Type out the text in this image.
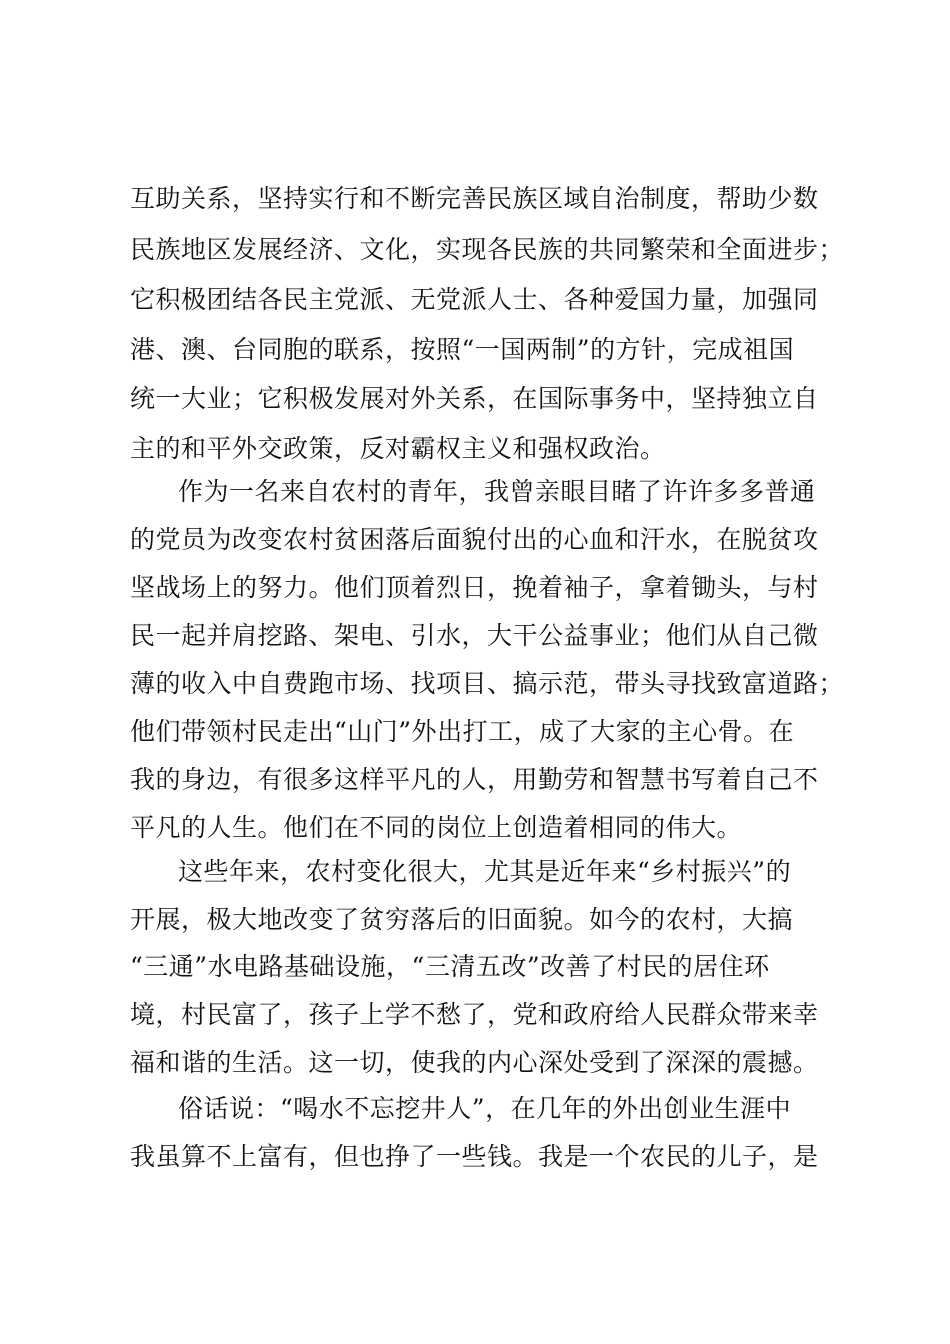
互助关系，坚持实行和不断完善民族区域自治制度，帮助少数
民族地区发展经济、文化，实现各民族的共同繁荣和全面进步；
它积极团结各民主党派、无党派人士、各种爱国力量，加强同
港、澳、台同胞的联系，按照“一国两制”的方针，完成祖国
统一大业；它积极发展对外关系，在国际事务中，坚持独立自
主的和平外交政策，反对霸权主义和强权政治。
作为一名来自农村的青年，我曾亲眼目睹了许许多多普通
的党员为改变农村贫困落后面貌付出的心血和汗水，在脱贫攻
坚战场上的努力。他们顶着烈日，挽着袖子，拿着锄头，与村
民一起并肩挖路、架电、引水，大干公益事业；他们从自己微
薄的收入中自费跑市场、找项目、搞示范，带头寻找致富道路；
他们带领村民走出“山门”外出打工，成了大家的主心骨。在
我的身边，有很多这样平凡的人，用勤劳和智慧书写着自己不
平凡的人生。他们在不同的岗位上创造着相同的伟大。
这些年来，农村变化很大，尤其是近年来“乡村振兴”的
开展，极大地改变了贫穷落后的旧面貌。如今的农村，大搞
“三通”水电路基础设施，“三清五改”改善了村民的居住环
境，村民富了，孩子上学不愁了，党和政府给人民群众带来幸
福和谐的生活。这一切，使我的内心深处受到了深深的震撼。
俗话说：“喝水不忘挖井人”，在几年的外出创业生涯中
我虽算不上富有，但也挣了一些钱。我是一个农民的儿子，是
